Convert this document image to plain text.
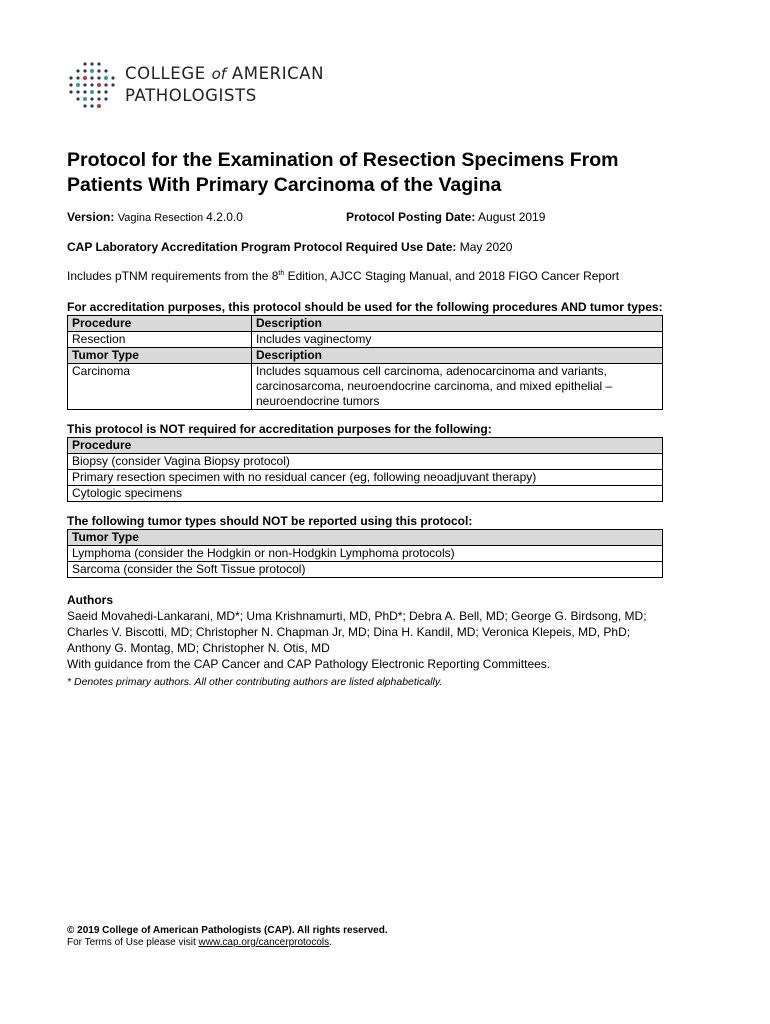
COLLEGE of AMERICAN
PATHOLOGISTS
Protocol for the Examination of Resection Specimens From
Patients With Primary Carcinoma of the Vagina
Version: Vagina Resection 4.2.0.0	Protocol Posting Date: August 2019
CAP Laboratory Accreditation Program Protocol Required Use Date: May 2020
Includes pTNM requirements from the 8th Edition, AJCC Staging Manual, and 2018 FIGO Cancer Report
For accreditation purposes, this protocol should be used for the following procedures AND tumor types:
Procedure	Description
Resection	Includes vaginectomy
Tumor Type	Description
Carcinoma	Includes squamous cell carcinoma, adenocarcinoma and variants, carcinosarcoma, neuroendocrine carcinoma, and mixed epithelial – neuroendocrine tumors
This protocol is NOT required for accreditation purposes for the following:
Procedure
Biopsy (consider Vagina Biopsy protocol)
Primary resection specimen with no residual cancer (eg, following neoadjuvant therapy)
Cytologic specimens
The following tumor types should NOT be reported using this protocol:
Tumor Type
Lymphoma (consider the Hodgkin or non-Hodgkin Lymphoma protocols)
Sarcoma (consider the Soft Tissue protocol)
Authors
Saeid Movahedi-Lankarani, MD*; Uma Krishnamurti, MD, PhD*; Debra A. Bell, MD; George G. Birdsong, MD;
Charles V. Biscotti, MD; Christopher N. Chapman Jr, MD; Dina H. Kandil, MD; Veronica Klepeis, MD, PhD;
Anthony G. Montag, MD; Christopher N. Otis, MD
With guidance from the CAP Cancer and CAP Pathology Electronic Reporting Committees.
* Denotes primary authors. All other contributing authors are listed alphabetically.
© 2019 College of American Pathologists (CAP). All rights reserved.
For Terms of Use please visit www.cap.org/cancerprotocols.
